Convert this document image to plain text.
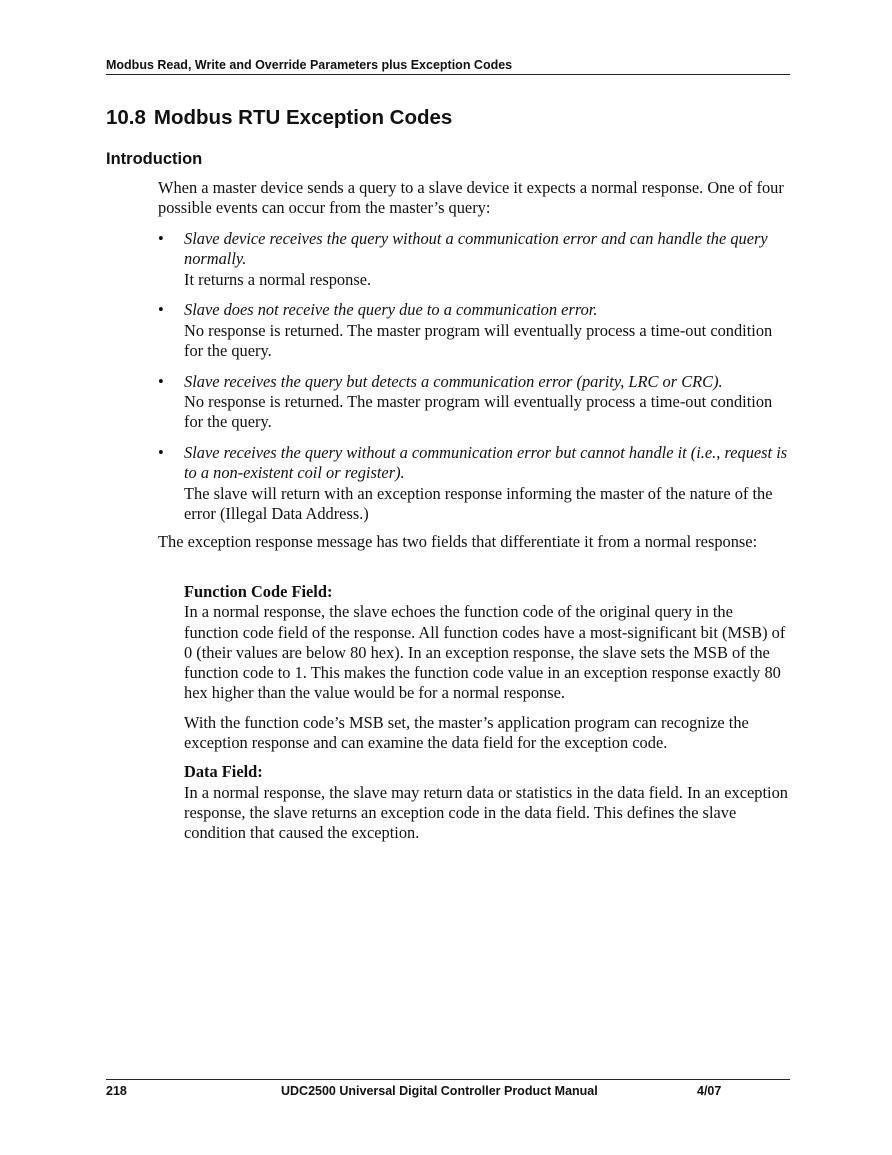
Modbus Read, Write and Override Parameters plus Exception Codes
10.8 Modbus RTU Exception Codes
Introduction

When a master device sends a query to a slave device it expects a normal response. One of four possible events can occur from the master’s query:

•	Slave device receives the query without a communication error and can handle the query normally.
It returns a normal response.
•	Slave does not receive the query due to a communication error.
No response is returned. The master program will eventually process a time-out condition for the query.
•	Slave receives the query but detects a communication error (parity, LRC or CRC).
No response is returned. The master program will eventually process a time-out condition for the query.
•	Slave receives the query without a communication error but cannot handle it (i.e., request is to a non-existent coil or register).
The slave will return with an exception response informing the master of the nature of the error (Illegal Data Address.)

The exception response message has two fields that differentiate it from a normal response:

Function Code Field:
In a normal response, the slave echoes the function code of the original query in the function code field of the response. All function codes have a most-significant bit (MSB) of 0 (their values are below 80 hex). In an exception response, the slave sets the MSB of the function code to 1. This makes the function code value in an exception response exactly 80 hex higher than the value would be for a normal response.

With the function code’s MSB set, the master’s application program can recognize the exception response and can examine the data field for the exception code.

Data Field:
In a normal response, the slave may return data or statistics in the data field. In an exception response, the slave returns an exception code in the data field. This defines the slave condition that caused the exception.

218	UDC2500 Universal Digital Controller Product Manual	4/07
